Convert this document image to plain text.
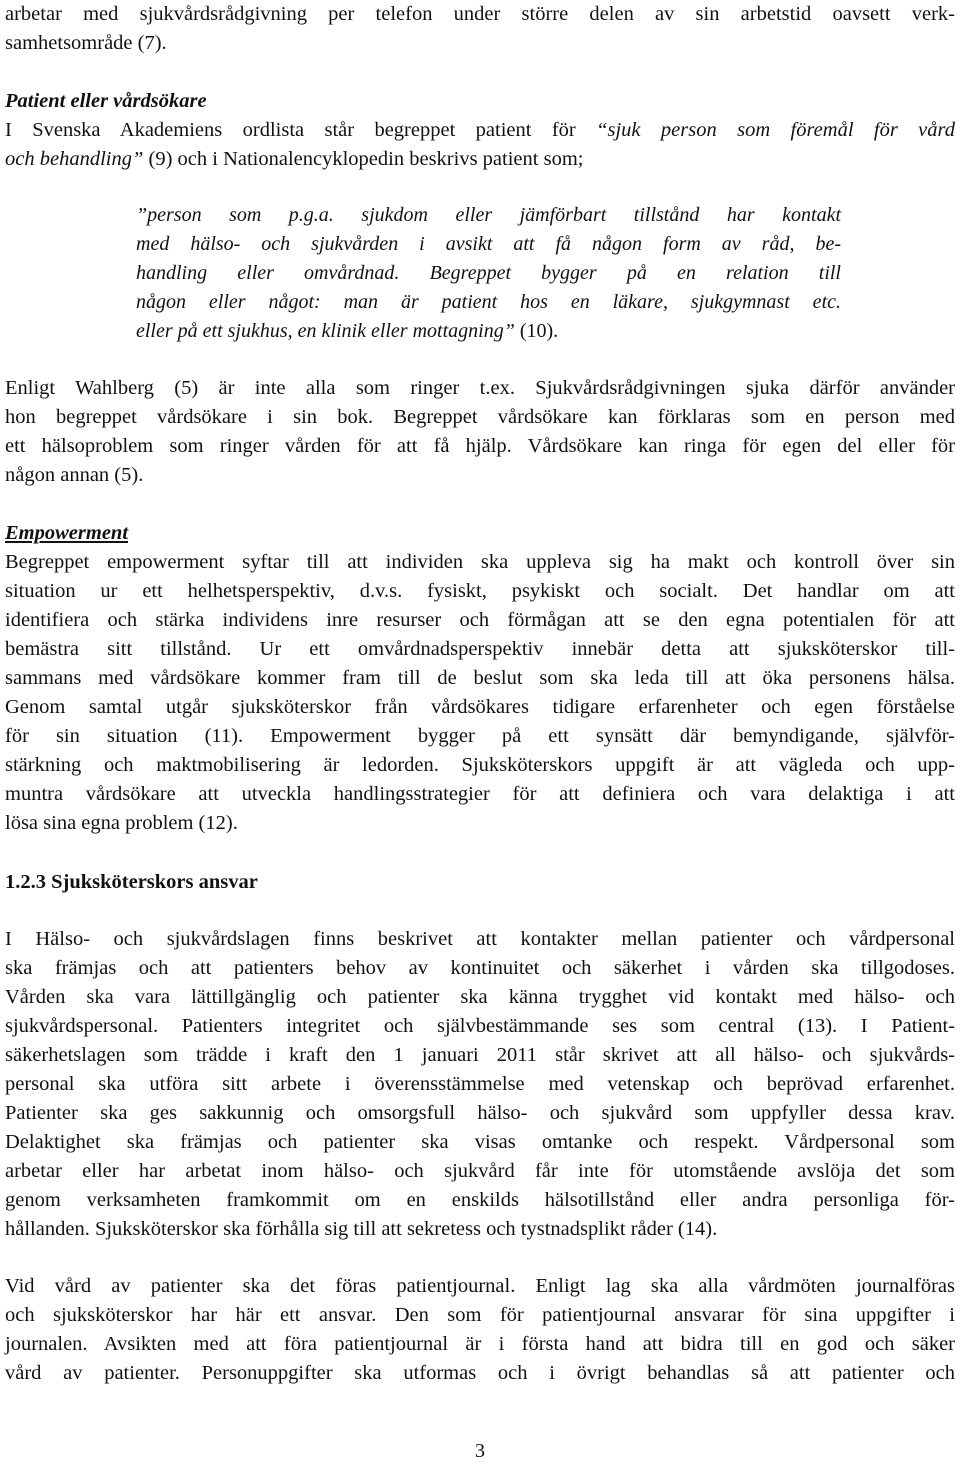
arbetar med sjukvårdsrådgivning per telefon under större delen av sin arbetstid oavsett verk-
samhetsområde (7).
Patient eller vårdsökare
I Svenska Akademiens ordlista står begreppet patient för “sjuk person som föremål för vård
och behandling” (9) och i Nationalencyklopedin beskrivs patient som;
”person som p.g.a. sjukdom eller jämförbart tillstånd har kontakt
med hälso- och sjukvården i avsikt att få någon form av råd, be-
handling eller omvårdnad. Begreppet bygger på en relation till
någon eller något: man är patient hos en läkare, sjukgymnast etc.
eller på ett sjukhus, en klinik eller mottagning” (10).
Enligt Wahlberg (5) är inte alla som ringer t.ex. Sjukvårdsrådgivningen sjuka därför använder
hon begreppet vårdsökare i sin bok. Begreppet vårdsökare kan förklaras som en person med
ett hälsoproblem som ringer vården för att få hjälp. Vårdsökare kan ringa för egen del eller för
någon annan (5).
Empowerment
Begreppet empowerment syftar till att individen ska uppleva sig ha makt och kontroll över sin
situation ur ett helhetsperspektiv, d.v.s. fysiskt, psykiskt och socialt. Det handlar om att
identifiera och stärka individens inre resurser och förmågan att se den egna potentialen för att
bemästra sitt tillstånd. Ur ett omvårdnadsperspektiv innebär detta att sjuksköterskor till-
sammans med vårdsökare kommer fram till de beslut som ska leda till att öka personens hälsa.
Genom samtal utgår sjuksköterskor från vårdsökares tidigare erfarenheter och egen förståelse
för sin situation (11). Empowerment bygger på ett synsätt där bemyndigande, självför-
stärkning och maktmobilisering är ledorden. Sjuksköterskors uppgift är att vägleda och upp-
muntra vårdsökare att utveckla handlingsstrategier för att definiera och vara delaktiga i att
lösa sina egna problem (12).
1.2.3 Sjuksköterskors ansvar
I Hälso- och sjukvårdslagen finns beskrivet att kontakter mellan patienter och vårdpersonal
ska främjas och att patienters behov av kontinuitet och säkerhet i vården ska tillgodoses.
Vården ska vara lättillgänglig och patienter ska känna trygghet vid kontakt med hälso- och
sjukvårdspersonal. Patienters integritet och självbestämmande ses som central (13). I Patient-
säkerhetslagen som trädde i kraft den 1 januari 2011 står skrivet att all hälso- och sjukvårds-
personal ska utföra sitt arbete i överensstämmelse med vetenskap och beprövad erfarenhet.
Patienter ska ges sakkunnig och omsorgsfull hälso- och sjukvård som uppfyller dessa krav.
Delaktighet ska främjas och patienter ska visas omtanke och respekt. Vårdpersonal som
arbetar eller har arbetat inom hälso- och sjukvård får inte för utomstående avslöja det som
genom verksamheten framkommit om en enskilds hälsotillstånd eller andra personliga för-
hållanden. Sjuksköterskor ska förhålla sig till att sekretess och tystnadsplikt råder (14).
Vid vård av patienter ska det föras patientjournal. Enligt lag ska alla vårdmöten journalföras
och sjuksköterskor har här ett ansvar. Den som för patientjournal ansvarar för sina uppgifter i
journalen. Avsikten med att föra patientjournal är i första hand att bidra till en god och säker
vård av patienter. Personuppgifter ska utformas och i övrigt behandlas så att patienter och
3
